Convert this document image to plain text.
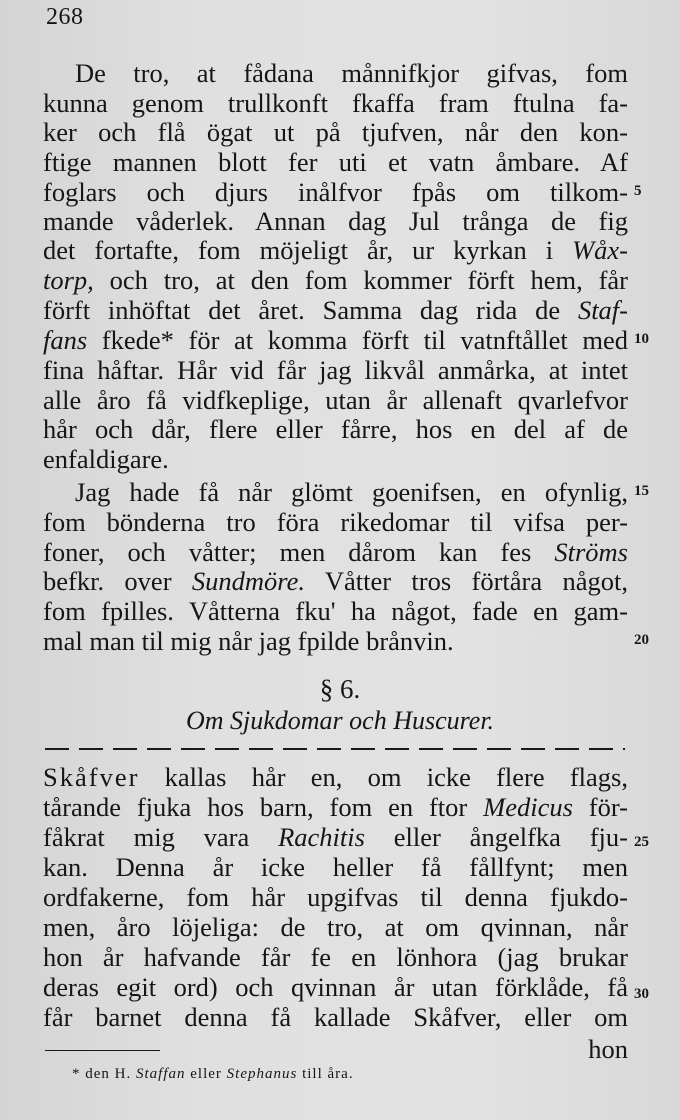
268
De tro, at fådana månnifkjor gifvas, fom
kunna genom trullkonft fkaffa fram ftulna fa-
ker och flå ögat ut på tjufven, når den kon-
ftige mannen blott fer uti et vatn åmbare. Af
foglars och djurs inålfvor fpås om tilkom-
mande våderlek. Annan dag Jul trånga de fig
det fortafte, fom möjeligt år, ur kyrkan i Wåx-
torp, och tro, at den fom kommer förft hem, får
förft inhöftat det året. Samma dag rida de Staf-
fans fkede* för at komma förft til vatnftållet med
fina håftar. Hår vid får jag likvål anmårka, at intet
alle åro få vidfkeplige, utan år allenaft qvarlefvor
hår och dår, flere eller fårre, hos en del af de
enfaldigare.
Jag hade få når glömt goenifsen, en ofynlig,
fom bönderna tro föra rikedomar til vifsa per-
foner, och våtter; men dårom kan fes Ströms
befkr. over Sundmöre. Våtter tros förtåra något,
fom fpilles. Våtterna fku' ha något, fade en gam-
mal man til mig når jag fpilde brånvin.
§ 6.
Om Sjukdomar och Huscurer.
Skåfver kallas hår en, om icke flere flags,
tårande fjuka hos barn, fom en ftor Medicus för-
fåkrat mig vara Rachitis eller ångelfka fju-
kan. Denna år icke heller få fållfynt; men
ordfakerne, fom hår upgifvas til denna fjukdo-
men, åro löjeliga: de tro, at om qvinnan, når
hon år hafvande får fe en lönhora (jag brukar
deras egit ord) och qvinnan år utan förklåde, få
får barnet denna få kallade Skåfver, eller om
hon
5
10
15
20
25
30
* den H. Staffan eller Stephanus till åra.
